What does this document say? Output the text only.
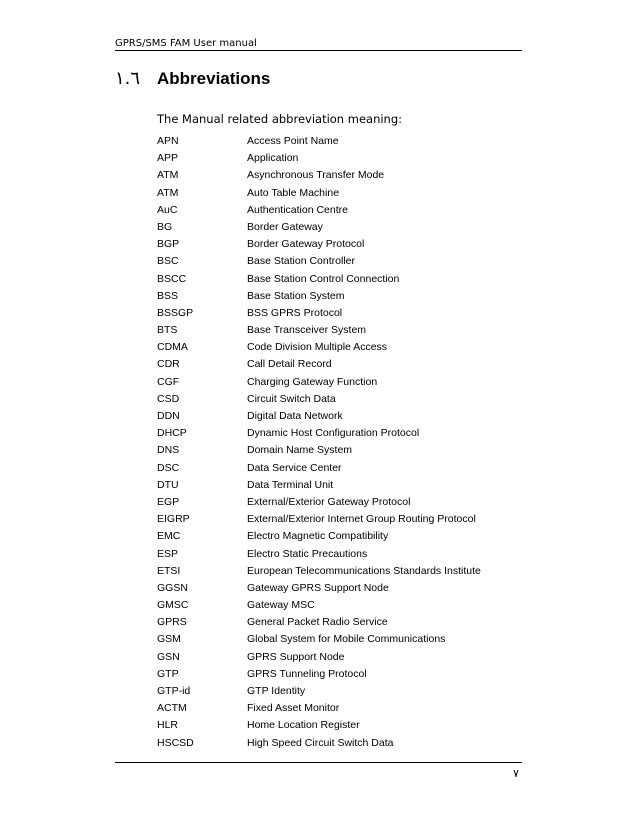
GPRS/SMS FAM User manual
١.٦ Abbreviations
The Manual related abbreviation meaning:
APN	Access Point Name
APP	Application
ATM	Asynchronous Transfer Mode
ATM	Auto Table Machine
AuC	Authentication Centre
BG	Border Gateway
BGP	Border Gateway Protocol
BSC	Base Station Controller
BSCC	Base Station Control Connection
BSS	Base Station System
BSSGP	BSS GPRS Protocol
BTS	Base Transceiver System
CDMA	Code Division Multiple Access
CDR	Call Detail Record
CGF	Charging Gateway Function
CSD	Circuit Switch Data
DDN	Digital Data Network
DHCP	Dynamic Host Configuration Protocol
DNS	Domain Name System
DSC	Data Service Center
DTU	Data Terminal Unit
EGP	External/Exterior Gateway Protocol
EIGRP	External/Exterior Internet Group Routing Protocol
EMC	Electro Magnetic Compatibility
ESP	Electro Static Precautions
ETSI	European Telecommunications Standards Institute
GGSN	Gateway GPRS Support Node
GMSC	Gateway MSC
GPRS	General Packet Radio Service
GSM	Global System for Mobile Communications
GSN	GPRS Support Node
GTP	GPRS Tunneling Protocol
GTP-id	GTP Identity
ACTM	Fixed Asset Monitor
HLR	Home Location Register
HSCSD	High Speed Circuit Switch Data
٧
